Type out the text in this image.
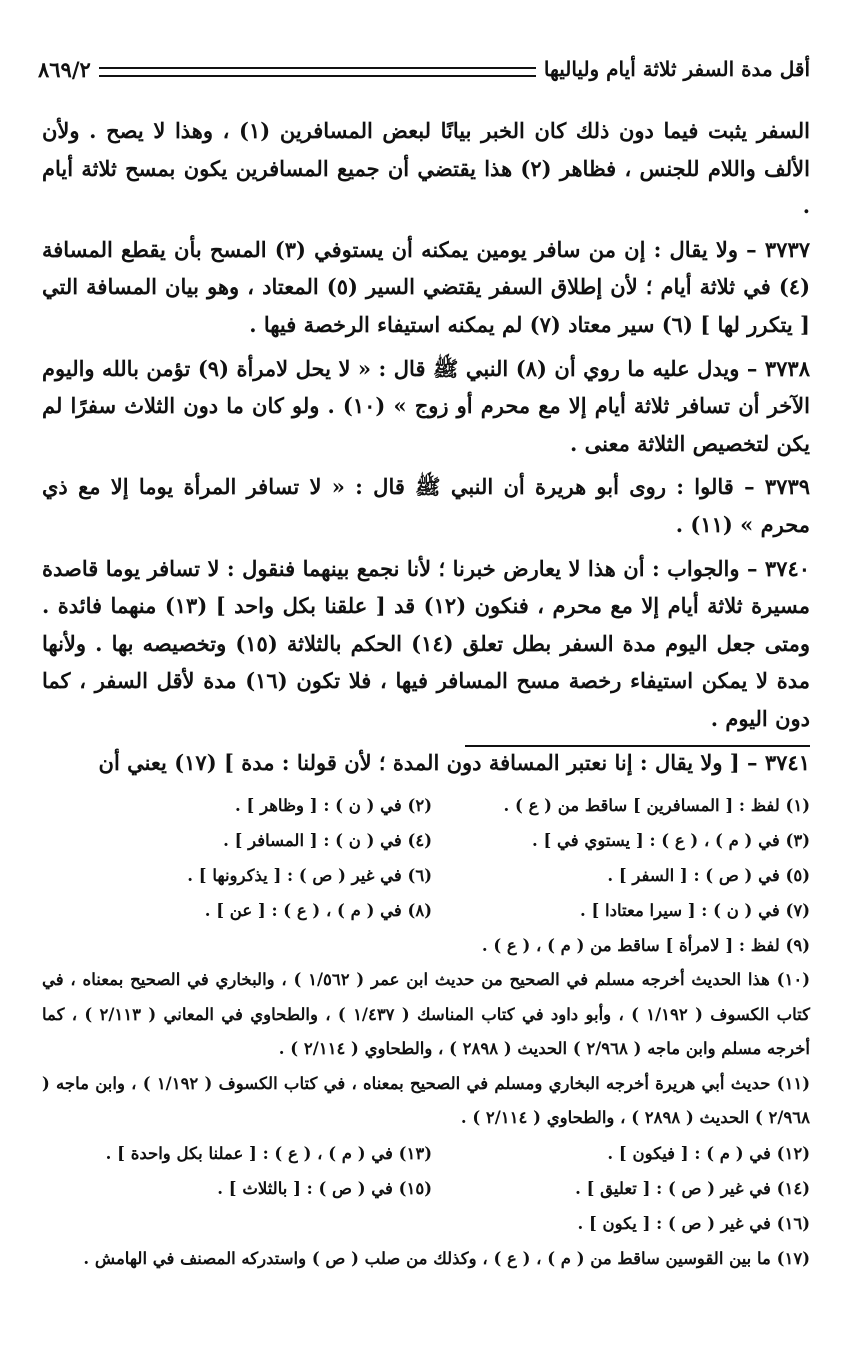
أقل مدة السفر ثلاثة أيام ولياليها
٨٦٩/٢

السفر يثبت فيما دون ذلك كان الخبر بيانًا لبعض المسافرين (١) ، وهذا لا يصح . ولأن الألف واللام للجنس ، فظاهر (٢) هذا يقتضي أن جميع المسافرين يكون بمسح ثلاثة أيام .

٣٧٣٧ – ولا يقال : إن من سافر يومين يمكنه أن يستوفي (٣) المسح بأن يقطع المسافة (٤) في ثلاثة أيام ؛ لأن إطلاق السفر يقتضي السير (٥) المعتاد ، وهو بيان المسافة التي [ يتكرر لها ] (٦) سير معتاد (٧) لم يمكنه استيفاء الرخصة فيها .

٣٧٣٨ – ويدل عليه ما روي أن (٨) النبي ﷺ قال : « لا يحل لامرأة (٩) تؤمن بالله واليوم الآخر أن تسافر ثلاثة أيام إلا مع محرم أو زوج » (١٠) . ولو كان ما دون الثلاث سفرًا لم يكن لتخصيص الثلاثة معنى .

٣٧٣٩ – قالوا : روى أبو هريرة أن النبي ﷺ قال : « لا تسافر المرأة يوما إلا مع ذي محرم » (١١) .

٣٧٤٠ – والجواب : أن هذا لا يعارض خبرنا ؛ لأنا نجمع بينهما فنقول : لا تسافر يوما قاصدة مسيرة ثلاثة أيام إلا مع محرم ، فنكون (١٢) قد [ علقنا بكل واحد ] (١٣) منهما فائدة . ومتى جعل اليوم مدة السفر بطل تعلق (١٤) الحكم بالثلاثة (١٥) وتخصيصه بها . ولأنها مدة لا يمكن استيفاء رخصة مسح المسافر فيها ، فلا تكون (١٦) مدة لأقل السفر ، كما دون اليوم .

٣٧٤١ – [ ولا يقال : إنا نعتبر المسافة دون المدة ؛ لأن قولنا : مدة ] (١٧) يعني أن

(١) لفظ : [ المسافرين ] ساقط من ( ع ) .
(٢) في ( ن ) : [ وظاهر ] .
(٣) في ( م ) ، ( ع ) : [ يستوي في ] .
(٤) في ( ن ) : [ المسافر ] .
(٥) في ( ص ) : [ السفر ] .
(٦) في غير ( ص ) : [ يذكرونها ] .
(٧) في ( ن ) : [ سيرا معتادا ] .
(٨) في ( م ) ، ( ع ) : [ عن ] .
(٩) لفظ : [ لامرأة ] ساقط من ( م ) ، ( ع ) .

(١٠) هذا الحديث أخرجه مسلم في الصحيح من حديث ابن عمر ( ١/٥٦٢ ) ، والبخاري في الصحيح بمعناه ، في كتاب الكسوف ( ١/١٩٢ ) ، وأبو داود في كتاب المناسك ( ١/٤٣٧ ) ، والطحاوي في المعاني ( ٢/١١٣ ) ، كما أخرجه مسلم وابن ماجه ( ٢/٩٦٨ ) الحديث ( ٢٨٩٨ ) ، والطحاوي ( ٢/١١٤ ) .

(١١) حديث أبي هريرة أخرجه البخاري ومسلم في الصحيح بمعناه ، في كتاب الكسوف ( ١/١٩٢ ) ، وابن ماجه ( ٢/٩٦٨ ) الحديث ( ٢٨٩٨ ) ، والطحاوي ( ٢/١١٤ ) .

(١٢) في ( م ) : [ فيكون ] .
(١٣) في ( م ) ، ( ع ) : [ عملنا بكل واحدة ] .
(١٤) في غير ( ص ) : [ تعليق ] .
(١٥) في ( ص ) : [ بالثلاث ] .
(١٦) في غير ( ص ) : [ يكون ] .
(١٧) ما بين القوسين ساقط من ( م ) ، ( ع ) ، وكذلك من صلب ( ص ) واستدركه المصنف في الهامش .
